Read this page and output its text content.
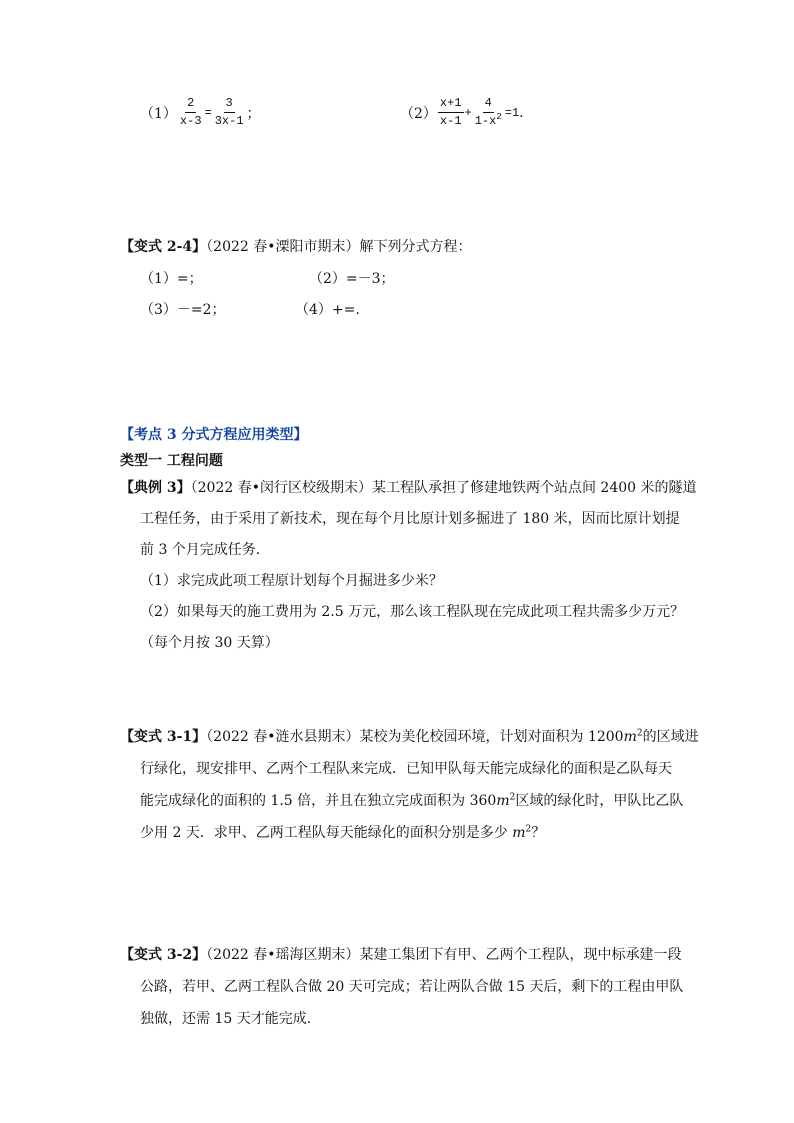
$(1) \frac{2}{x-3} = \frac{3}{3x-1}$ ；	$(2) \frac{x+1}{x-1} + \frac{4}{1-x^2} =1$ .
【变式 2-4】（2022 春•溧阳市期末）解下列分式方程：
（1）=；	（2）=－3；
（3）－=2；	（4）+=.
【考点 3 分式方程应用类型】
类型一 工程问题
【典例 3】（2022 春•闵行区校级期末）某工程队承担了修建地铁两个站点间 2400 米的隧道
工程任务，由于采用了新技术，现在每个月比原计划多掘进了 180 米，因而比原计划提
前 3 个月完成任务．
（1）求完成此项工程原计划每个月掘进多少米？
（2）如果每天的施工费用为 2.5 万元，那么该工程队现在完成此项工程共需多少万元？
（每个月按 30 天算）
【变式 3-1】（2022 春•涟水县期末）某校为美化校园环境，计划对面积为 $1200m^2$的区域进
行绿化，现安排甲、乙两个工程队来完成．已知甲队每天能完成绿化的面积是乙队每天
能完成绿化的面积的 1.5 倍，并且在独立完成面积为 $360m^2$区域的绿化时，甲队比乙队
少用 2 天．求甲、乙两工程队每天能绿化的面积分别是多少 $m^2$？
【变式 3-2】（2022 春•瑶海区期末）某建工集团下有甲、乙两个工程队，现中标承建一段
公路，若甲、乙两工程队合做 20 天可完成；若让两队合做 15 天后，剩下的工程由甲队
独做，还需 15 天才能完成．
